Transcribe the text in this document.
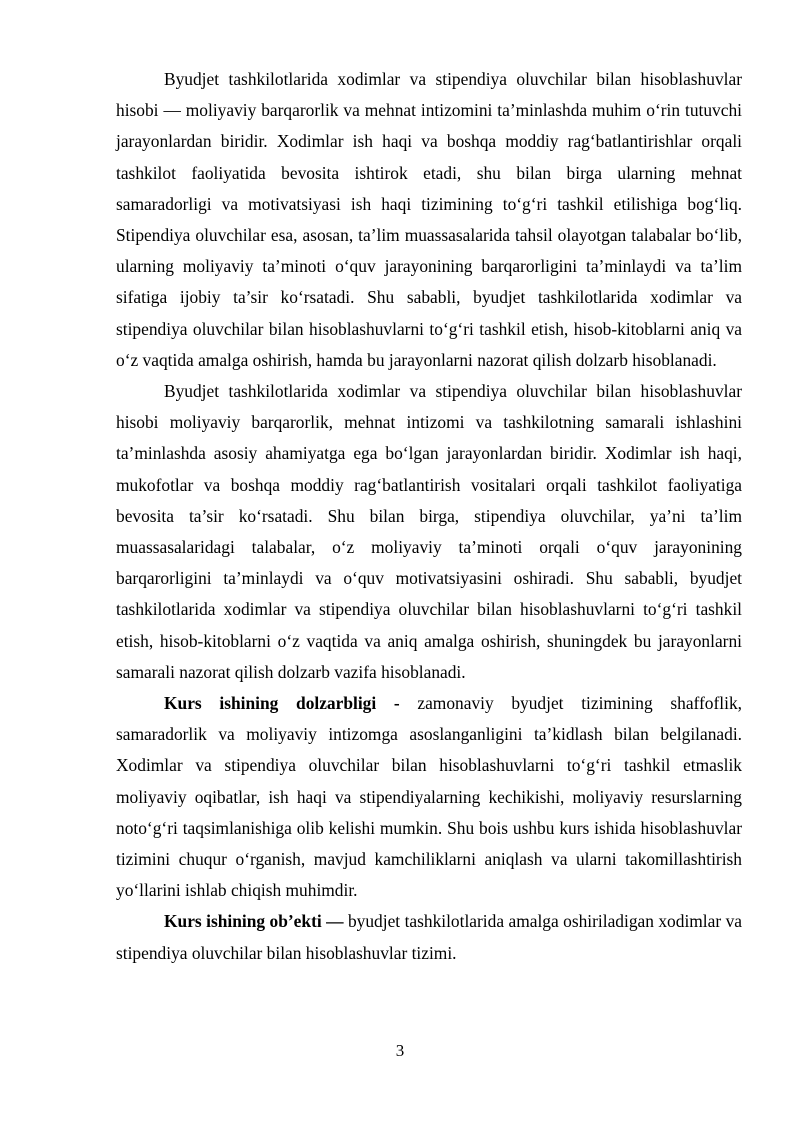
Byudjet tashkilotlarida xodimlar va stipendiya oluvchilar bilan hisoblashuvlar hisobi — moliyaviy barqarorlik va mehnat intizomini ta’minlashda muhim o‘rin tutuvchi jarayonlardan biridir. Xodimlar ish haqi va boshqa moddiy rag‘batlantirishlar orqali tashkilot faoliyatida bevosita ishtirok etadi, shu bilan birga ularning mehnat samaradorligi va motivatsiyasi ish haqi tizimining to‘g‘ri tashkil etilishiga bog‘liq. Stipendiya oluvchilar esa, asosan, ta’lim muassasalarida tahsil olayotgan talabalar bo‘lib, ularning moliyaviy ta’minoti o‘quv jarayonining barqarorligini ta’minlaydi va ta’lim sifatiga ijobiy ta’sir ko‘rsatadi. Shu sababli, byudjet tashkilotlarida xodimlar va stipendiya oluvchilar bilan hisoblashuvlarni to‘g‘ri tashkil etish, hisob-kitoblarni aniq va o‘z vaqtida amalga oshirish, hamda bu jarayonlarni nazorat qilish dolzarb hisoblanadi.

Byudjet tashkilotlarida xodimlar va stipendiya oluvchilar bilan hisoblashuvlar hisobi moliyaviy barqarorlik, mehnat intizomi va tashkilotning samarali ishlashini ta’minlashda asosiy ahamiyatga ega bo‘lgan jarayonlardan biridir. Xodimlar ish haqi, mukofotlar va boshqa moddiy rag‘batlantirish vositalari orqali tashkilot faoliyatiga bevosita ta’sir ko‘rsatadi. Shu bilan birga, stipendiya oluvchilar, ya’ni ta’lim muassasalaridagi talabalar, o‘z moliyaviy ta’minoti orqali o‘quv jarayonining barqarorligini ta’minlaydi va o‘quv motivatsiyasini oshiradi. Shu sababli, byudjet tashkilotlarida xodimlar va stipendiya oluvchilar bilan hisoblashuvlarni to‘g‘ri tashkil etish, hisob-kitoblarni o‘z vaqtida va aniq amalga oshirish, shuningdek bu jarayonlarni samarali nazorat qilish dolzarb vazifa hisoblanadi.

Kurs ishining dolzarbligi - zamonaviy byudjet tizimining shaffoflik, samaradorlik va moliyaviy intizomga asoslanganligini ta’kidlash bilan belgilanadi. Xodimlar va stipendiya oluvchilar bilan hisoblashuvlarni to‘g‘ri tashkil etmaslik moliyaviy oqibatlar, ish haqi va stipendiyalarning kechikishi, moliyaviy resurslarning noto‘g‘ri taqsimlanishiga olib kelishi mumkin. Shu bois ushbu kurs ishida hisoblashuvlar tizimini chuqur o‘rganish, mavjud kamchiliklarni aniqlash va ularni takomillashtirish yo‘llarini ishlab chiqish muhimdir.

Kurs ishining ob’ekti — byudjet tashkilotlarida amalga oshiriladigan xodimlar va stipendiya oluvchilar bilan hisoblashuvlar tizimi.

3
